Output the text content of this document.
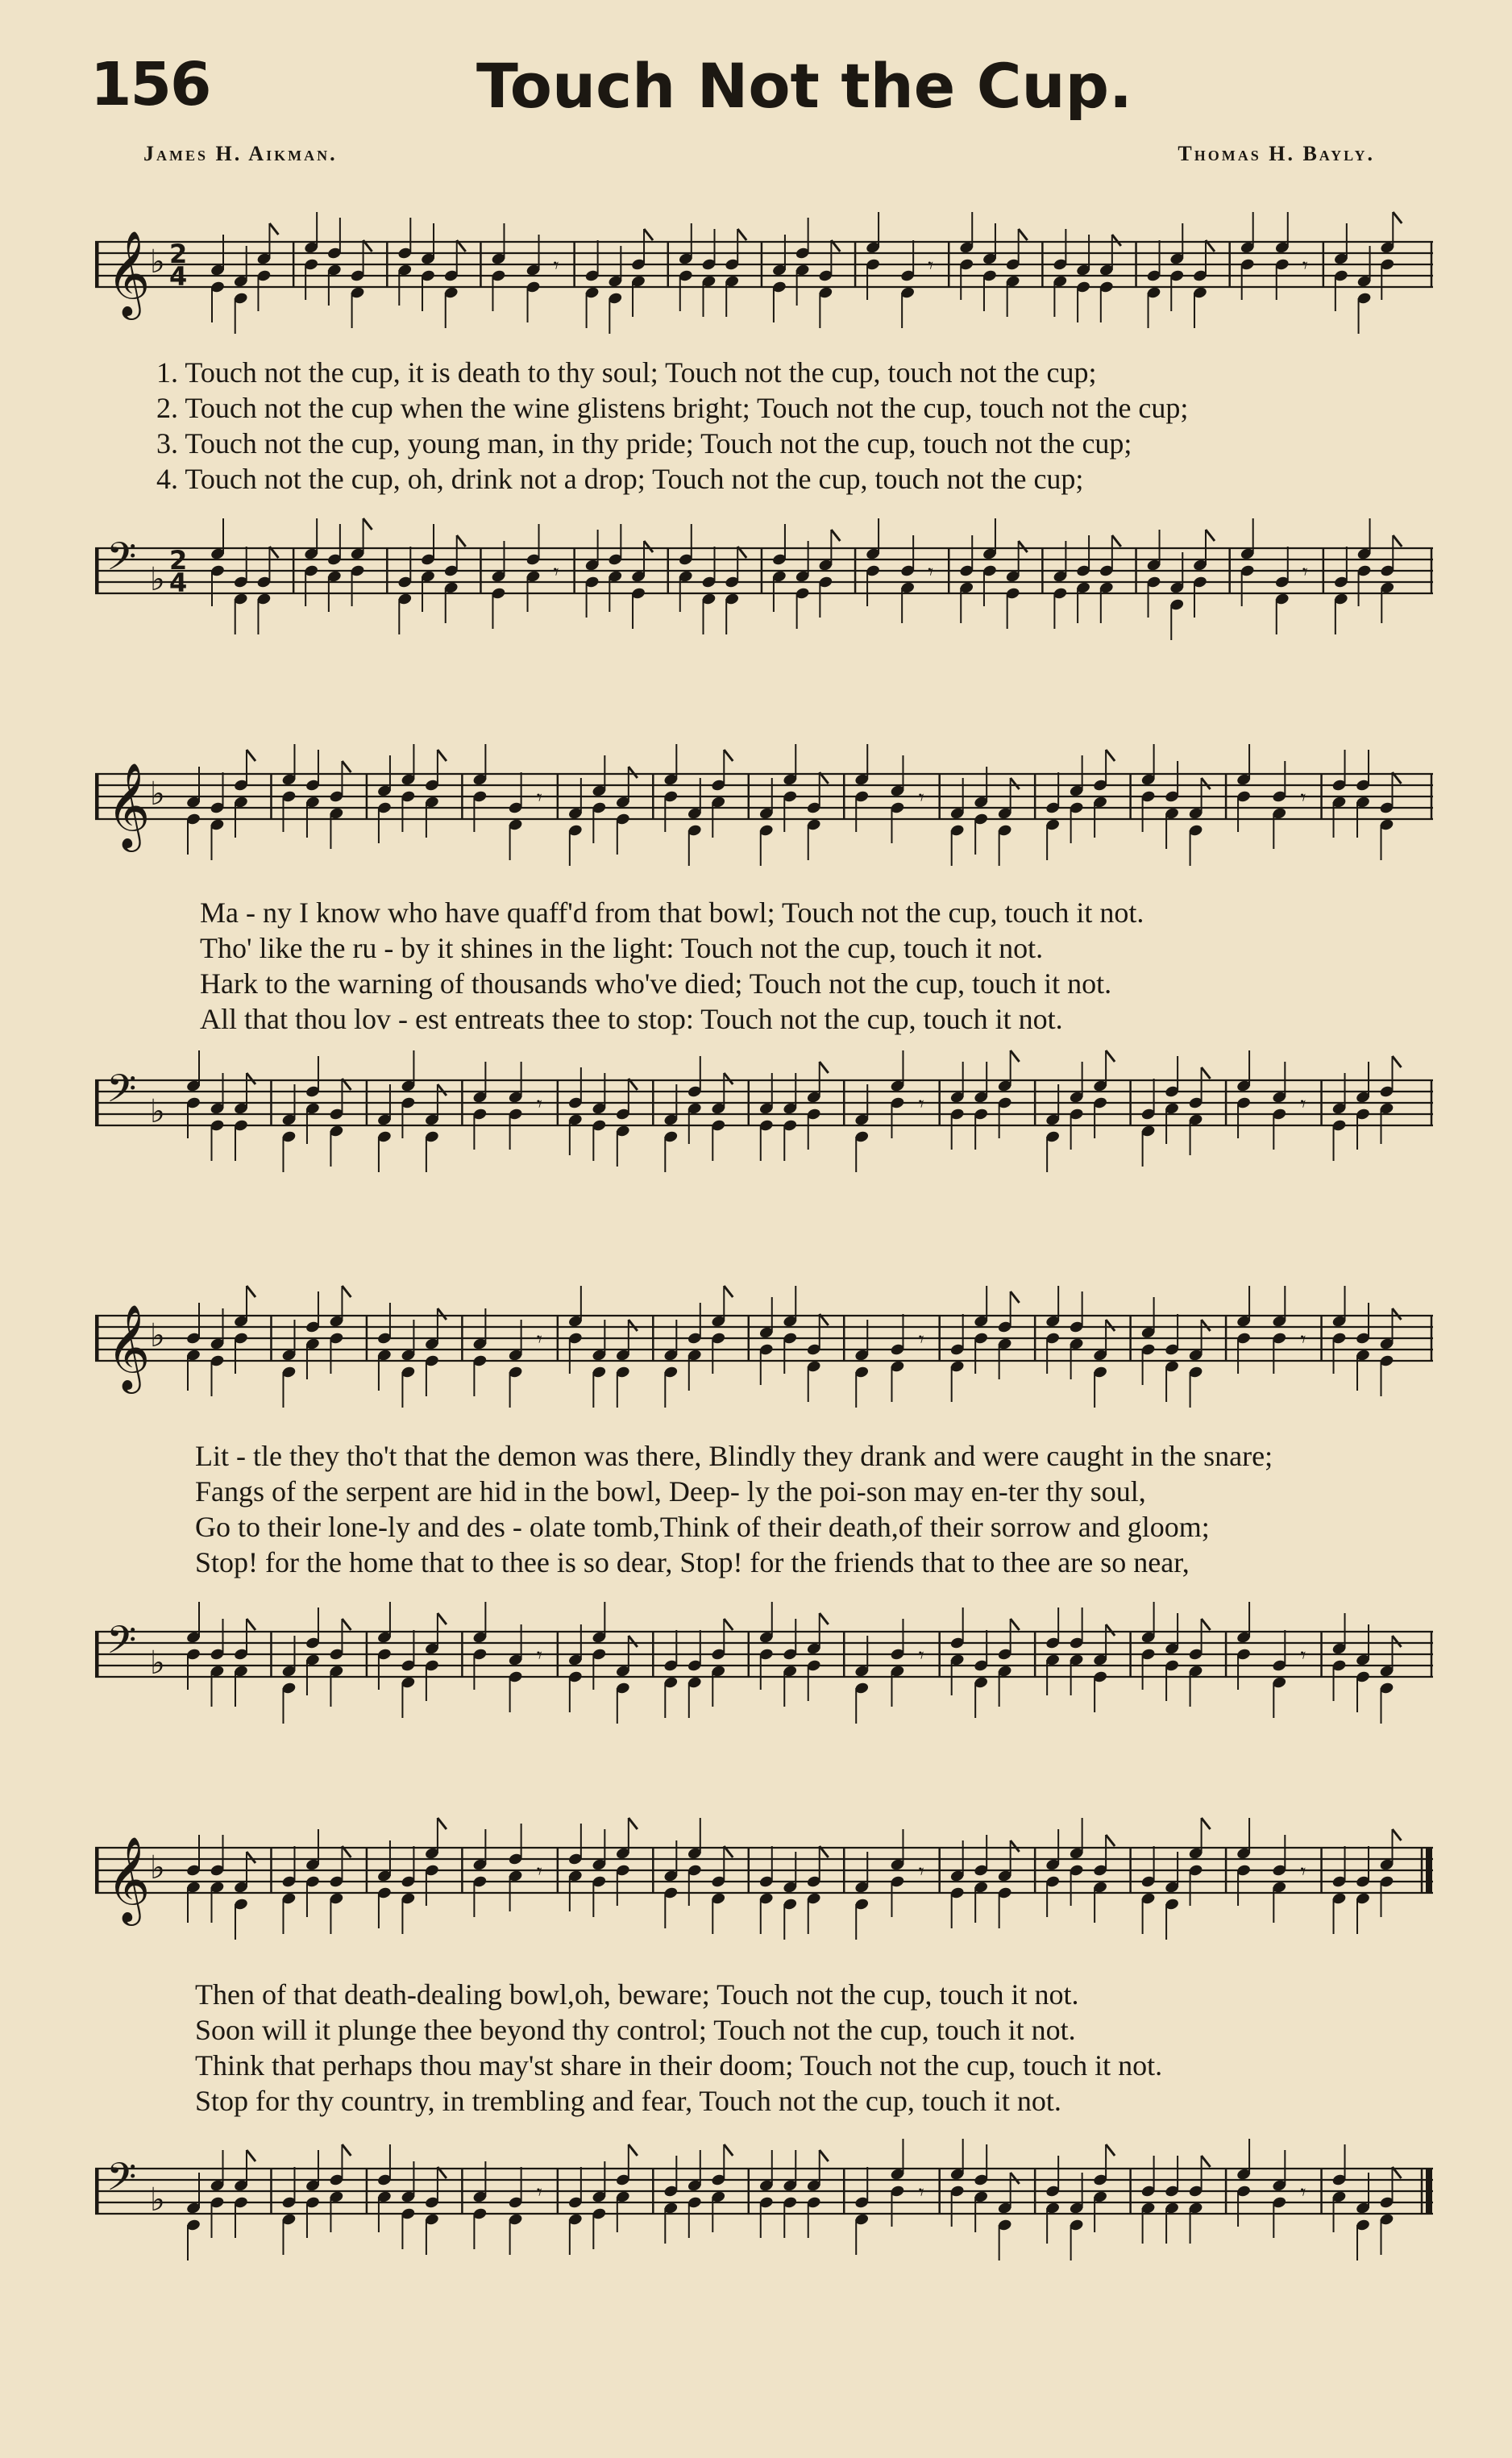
156	Touch Not the Cup.
James H. Aikman.	Thomas H. Bayly.
𝄞 ♭ 2
4	𝄾	𝄾	𝄾
1. Touch not the cup, it is death to thy soul; Touch not the cup, touch not the cup;
2. Touch not the cup when the wine glistens bright; Touch not the cup, touch not the cup;
3. Touch not the cup, young man, in thy pride; Touch not the cup, touch not the cup;
4. Touch not the cup, oh, drink not a drop; Touch not the cup, touch not the cup;
𝄢 ♭
2
4	𝄾	𝄾	𝄾
𝄞 ♭	𝄾	𝄾	𝄾
Ma - ny I know who have quaff'd from that bowl; Touch not the cup, touch it not.
Tho' like the ru - by it shines in the light: Touch not the cup, touch it not.
Hark to the warning of thousands who've died; Touch not the cup, touch it not.
All that thou lov - est entreats thee to stop: Touch not the cup, touch it not.
𝄢 ♭	𝄾	𝄾	𝄾
𝄞 ♭	𝄾	𝄾	𝄾
Lit - tle they tho't that the demon was there, Blindly they drank and were caught in the snare;
Fangs of the serpent are hid in the bowl, Deep- ly the poi-son may en-ter thy soul,
Go to their lone-ly and des - olate tomb,Think of their death,of their sorrow and gloom;
Stop! for the home that to thee is so dear, Stop! for the friends that to thee are so near,
𝄢 ♭	𝄾	𝄾	𝄾
𝄞 ♭	𝄾	𝄾	𝄾
Then of that death-dealing bowl,oh, beware; Touch not the cup, touch it not.
Soon will it plunge thee beyond thy control; Touch not the cup, touch it not.
Think that perhaps thou may'st share in their doom; Touch not the cup, touch it not.
Stop for thy country, in trembling and fear, Touch not the cup, touch it not.
𝄢 ♭	𝄾	𝄾	𝄾
